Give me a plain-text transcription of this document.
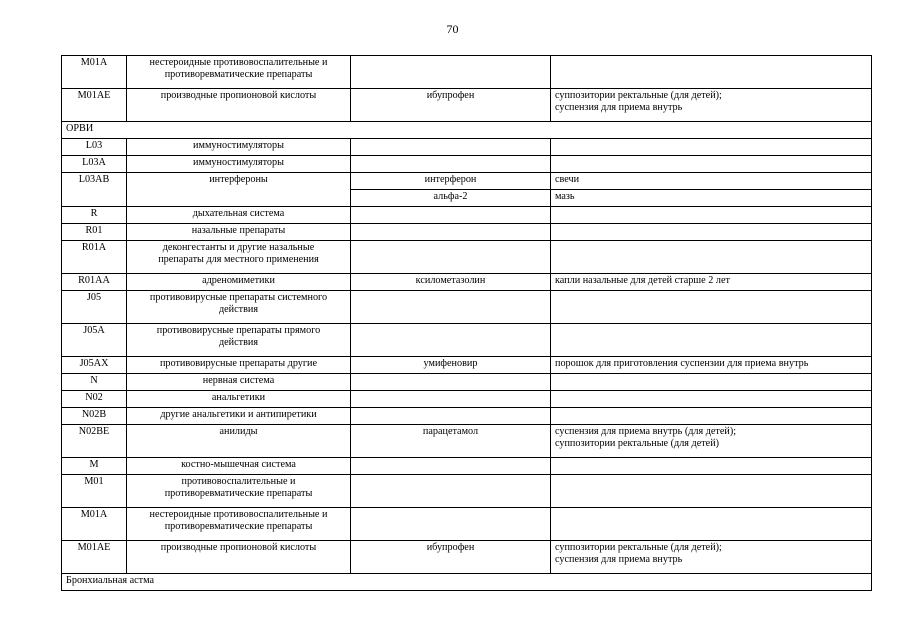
70
M01A	нестероидные противовоспалительные и
противоревматические препараты		

M01AE	производные пропионовой кислоты	ибупрофен	суппозитории ректальные (для детей);
суспензия для приема внутрь

ОРВИ			
L03	иммуностимуляторы		

L03A	иммуностимуляторы		

L03AB	интерфероны	интерферон	свечи

		альфа-2	мазь

R	дыхательная система		

R01	назальные препараты		

R01A	деконгестанты и другие назальные
препараты для местного применения		

R01AA	адреномиметики	ксилометазолин	капли назальные для детей старше 2 лет

J05	противовирусные препараты системного
действия		

J05A	противовирусные препараты прямого
действия		

J05AX	противовирусные препараты другие	умифеновир	порошок для приготовления суспензии для приема внутрь

N	нервная система		

N02	анальгетики		

N02B	другие анальгетики и антипиретики		

N02BE	анилиды	парацетамол	суспензия для приема внутрь (для детей);
суппозитории ректальные (для детей)

M	костно-мышечная система		

M01	противовоспалительные и
противоревматические препараты		

M01A	нестероидные противовоспалительные и
противоревматические препараты		

M01AE	производные пропионовой кислоты	ибупрофен	суппозитории ректальные (для детей);
суспензия для приема внутрь

Бронхиальная астма			
